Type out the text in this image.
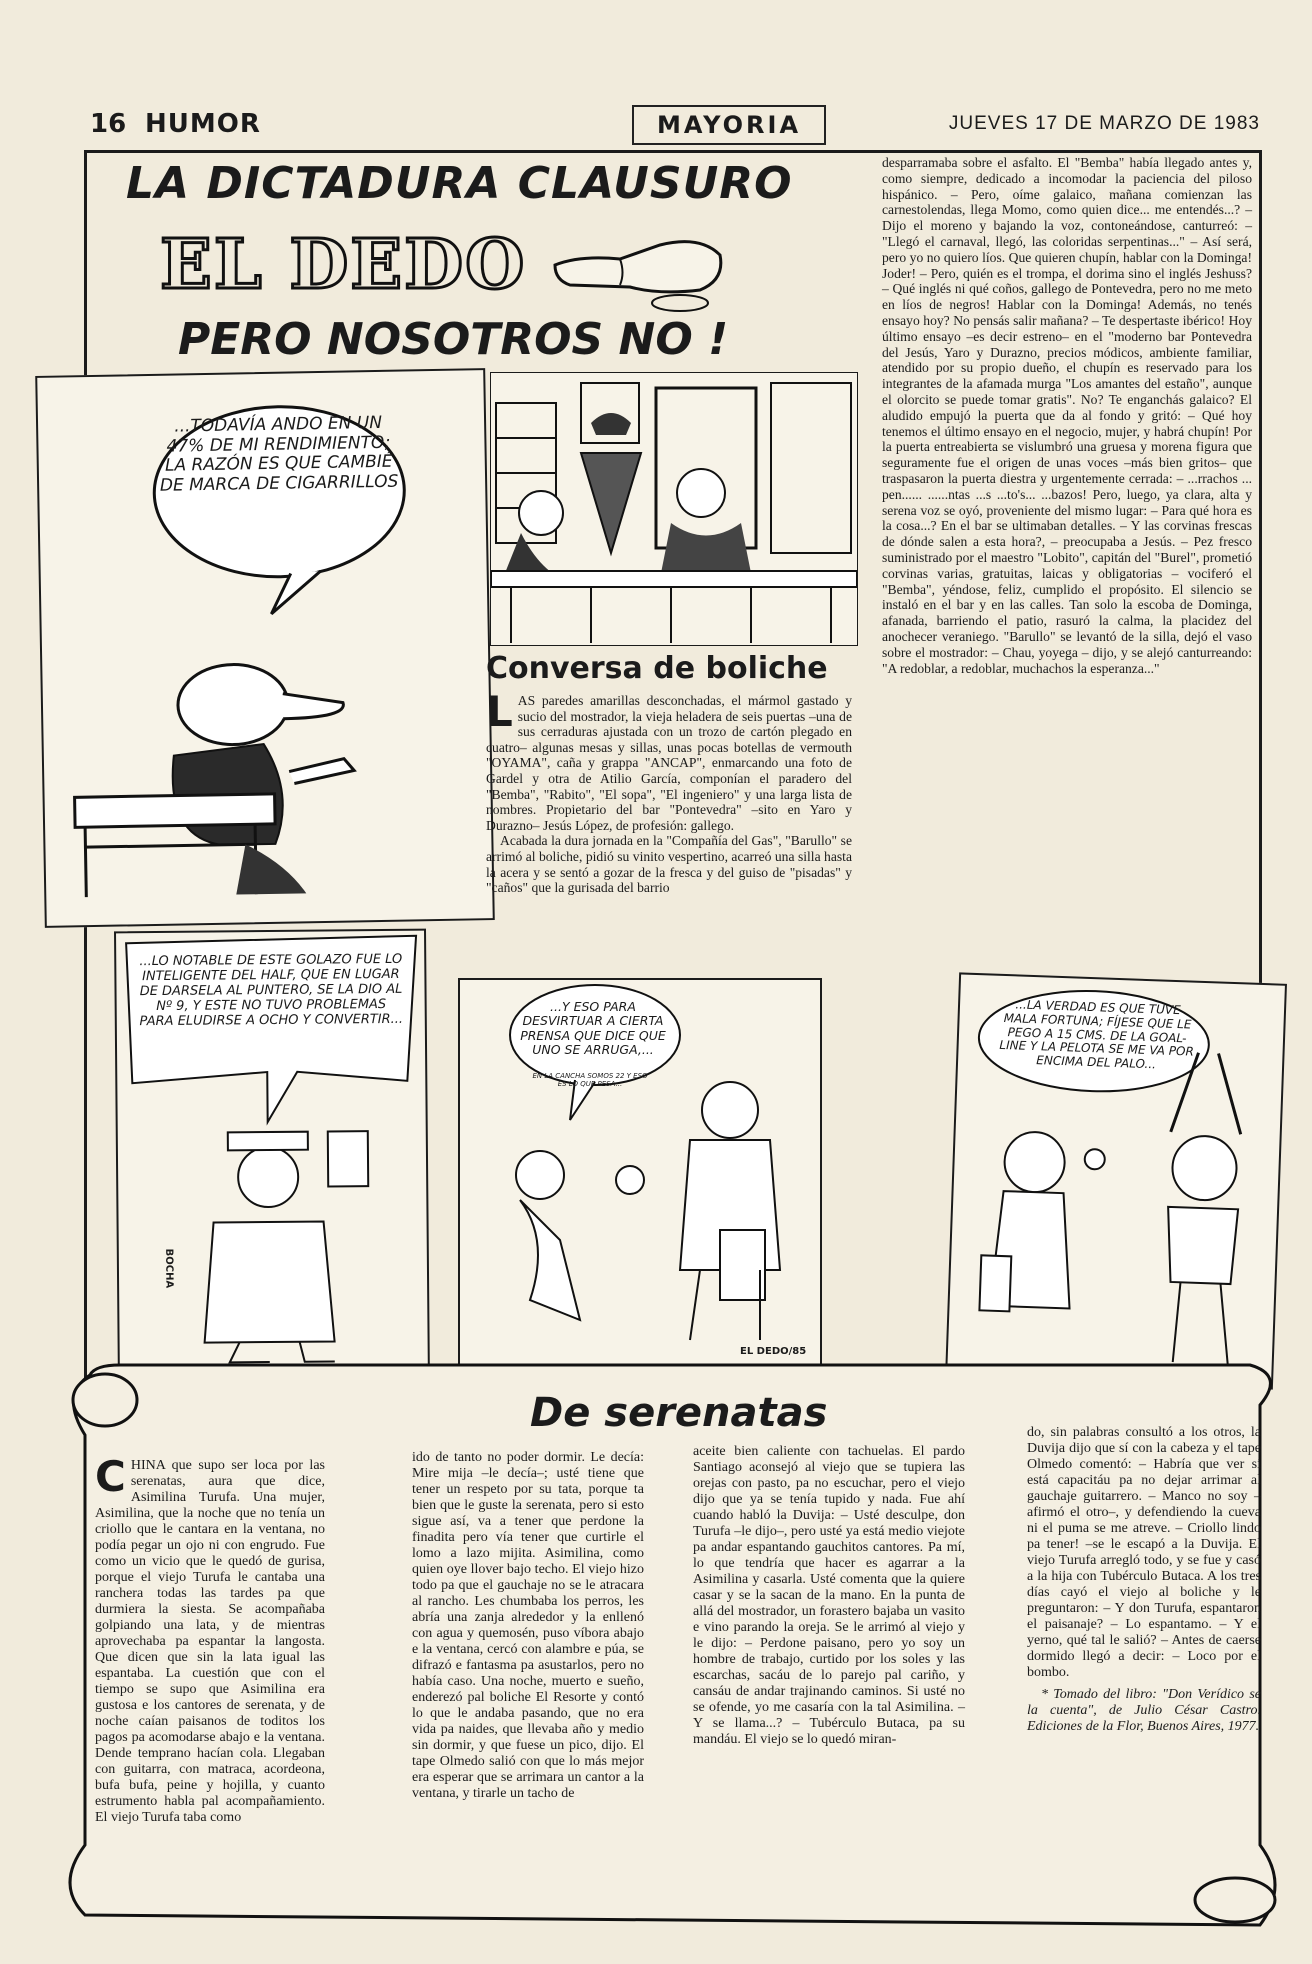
16 HUMOR	MAYORIA	JUEVES 17 DE MARZO DE 1983
LA DICTADURA CLAUSURO
EL DEDO
PERO NOSOTROS NO !
...TODAVÍA ANDO EN UN 47% DE MI RENDIMIENTO; LA RAZÓN ES QUE CAMBIÉ DE MARCA DE CIGARRILLOS
Conversa de boliche
L AS paredes amarillas desconchadas, el mármol gastado y sucio del mostrador, la vieja heladera de seis puertas –una de sus cerraduras ajustada con un trozo de cartón plegado en cuatro– algunas mesas y sillas, unas pocas botellas de vermouth "OYAMA", caña y grappa "ANCAP", enmarcando una foto de Gardel y otra de Atilio García, componían el paradero del "Bemba", "Rabito", "El sopa", "El ingeniero" y una larga lista de nombres. Propietario del bar "Pontevedra" –sito en Yaro y Durazno– Jesús López, de profesión: gallego.

Acabada la dura jornada en la "Compañía del Gas", "Barullo" se arrimó al boliche, pidió su vinito vespertino, acarreó una silla hasta la acera y se sentó a gozar de la fresca y del guiso de "pisadas" y "caños" que la gurisada del barrio

desparramaba sobre el asfalto. El "Bemba" había llegado antes y, como siempre, dedicado a incomodar la paciencia del piloso hispánico. – Pero, oíme galaico, mañana comienzan las carnestolendas, llega Momo, como quien dice... me entendés...? – Dijo el moreno y bajando la voz, contoneándose, canturreó: – "Llegó el carnaval, llegó, las coloridas serpentinas..." – Así será, pero yo no quiero líos. Que quieren chupín, hablar con la Dominga! Joder! – Pero, quién es el trompa, el dorima sino el inglés Jeshuss? – Qué inglés ni qué coños, gallego de Pontevedra, pero no me meto en líos de negros! Hablar con la Dominga! Además, no tenés ensayo hoy? No pensás salir mañana? – Te despertaste ibérico! Hoy último ensayo –es decir estreno– en el "moderno bar Pontevedra del Jesús, Yaro y Durazno, precios módicos, ambiente familiar, atendido por su propio dueño, el chupín es reservado para los integrantes de la afamada murga "Los amantes del estaño", aunque el olorcito se puede tomar gratis". No? Te enganchás galaico? El aludido empujó la puerta que da al fondo y gritó: – Qué hoy tenemos el último ensayo en el negocio, mujer, y habrá chupín! Por la puerta entreabierta se vislumbró una gruesa y morena figura que seguramente fue el origen de unas voces –más bien gritos– que traspasaron la puerta diestra y urgentemente cerrada: – ...rrachos ... pen...... ......ntas ...s ...to's... ...bazos! Pero, luego, ya clara, alta y serena voz se oyó, proveniente del mismo lugar: – Para qué hora es la cosa...? En el bar se ultimaban detalles. – Y las corvinas frescas de dónde salen a esta hora?, – preocupaba a Jesús. – Pez fresco suministrado por el maestro "Lobito", capitán del "Burel", prometió corvinas varias, gratuitas, laicas y obligatorias – vociferó el "Bemba", yéndose, feliz, cumplido el propósito. El silencio se instaló en el bar y en las calles. Tan solo la escoba de Dominga, afanada, barriendo el patio, rasuró la calma, la placidez del anochecer veraniego. "Barullo" se levantó de la silla, dejó el vaso sobre el mostrador: – Chau, yoyega – dijo, y se alejó canturreando: "A redoblar, a redoblar, muchachos la esperanza..."
...LO NOTABLE DE ESTE GOLAZO FUE LO INTELIGENTE DEL HALF, QUE EN LUGAR DE DARSELA AL PUNTERO, SE LA DIO AL Nº 9, Y ESTE NO TUVO PROBLEMAS PARA ELUDIRSE A OCHO Y CONVERTIR...
BOCHA
...Y ESO PARA DESVIRTUAR A CIERTA PRENSA QUE DICE QUE UNO SE ARRUGA,...
EN LA CANCHA SOMOS 22 Y ESO ES LO QUE PESA...
EL DEDO/85
...LA VERDAD ES QUE TUVE MALA FORTUNA; FÍJESE QUE LE PEGO A 15 CMS. DE LA GOAL-LINE Y LA PELOTA SE ME VA POR ENCIMA DEL PALO...
De serenatas
C HINA que supo ser loca por las serenatas, aura que dice, Asimilina Turufa. Una mujer, Asimilina, que la noche que no tenía un criollo que le cantara en la ventana, no podía pegar un ojo ni con engrudo. Fue como un vicio que le quedó de gurisa, porque el viejo Turufa le cantaba una ranchera todas las tardes pa que durmiera la siesta. Se acompañaba golpiando una lata, y de mientras aprovechaba pa espantar la langosta. Que dicen que sin la lata igual las espantaba. La cuestión que con el tiempo se supo que Asimilina era gustosa e los cantores de serenata, y de noche caían paisanos de toditos los pagos pa acomodarse abajo e la ventana. Dende temprano hacían cola. Llegaban con guitarra, con matraca, acordeona, bufa bufa, peine y hojilla, y cuanto estrumento habla pal acompañamiento. El viejo Turufa taba como
ido de tanto no poder dormir. Le decía: Mire mija –le decía–; usté tiene que tener un respeto por su tata, porque ta bien que le guste la serenata, pero si esto sigue así, va a tener que perdone la finadita pero vía tener que curtirle el lomo a lazo mijita. Asimilina, como quien oye llover bajo techo. El viejo hizo todo pa que el gauchaje no se le atracara al rancho. Les chumbaba los perros, les abría una zanja alrededor y la enllenó con agua y quemosén, puso víbora abajo e la ventana, cercó con alambre e púa, se difrazó e fantasma pa asustarlos, pero no había caso. Una noche, muerto e sueño, enderezó pal boliche El Resorte y contó lo que le andaba pasando, que no era vida pa naides, que llevaba año y medio sin dormir, y que fuese un pico, dijo. El tape Olmedo salió con que lo más mejor era esperar que se arrimara un cantor a la ventana, y tirarle un tacho de
aceite bien caliente con tachuelas. El pardo Santiago aconsejó al viejo que se tupiera las orejas con pasto, pa no escuchar, pero el viejo dijo que ya se tenía tupido y nada. Fue ahí cuando habló la Duvija: – Usté desculpe, don Turufa –le dijo–, pero usté ya está medio viejote pa andar espantando gauchitos cantores. Pa mí, lo que tendría que hacer es agarrar a la Asimilina y casarla. Usté comenta que la quiere casar y se la sacan de la mano. En la punta de allá del mostrador, un forastero bajaba un vasito e vino parando la oreja. Se le arrimó al viejo y le dijo: – Perdone paisano, pero yo soy un hombre de trabajo, curtido por los soles y las escarchas, sacáu de lo parejo pal cariño, y cansáu de andar trajinando caminos. Si usté no se ofende, yo me casaría con la tal Asimilina. – Y se llama...? – Tubérculo Butaca, pa su mandáu. El viejo se lo quedó miran-
do, sin palabras consultó a los otros, la Duvija dijo que sí con la cabeza y el tape Olmedo comentó: – Habría que ver si está capacitáu pa no dejar arrimar al gauchaje guitarrero. – Manco no soy –afirmó el otro–, y defendiendo la cueva ni el puma se me atreve. – Criollo lindo pa tener! –se le escapó a la Duvija. El viejo Turufa arregló todo, y se fue y casó a la hija con Tubérculo Butaca. A los tres días cayó el viejo al boliche y le preguntaron: – Y don Turufa, espantaron el paisanaje? – Lo espantamo. – Y el yerno, qué tal le salió? – Antes de caerse dormido llegó a decir: – Loco por el bombo.

* Tomado del libro: "Don Verídico se la cuenta", de Julio César Castro. Ediciones de la Flor, Buenos Aires, 1977.
